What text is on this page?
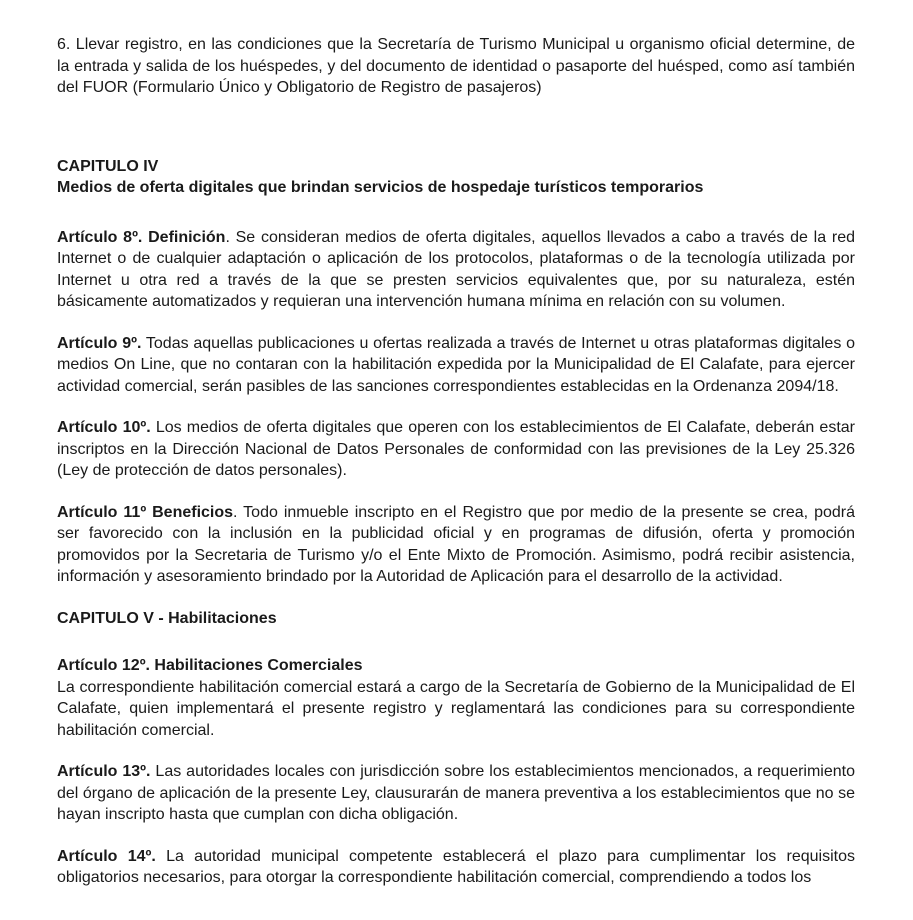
6. Llevar registro, en las condiciones que la Secretaría de Turismo Municipal u organismo oficial determine, de la entrada y salida de los huéspedes, y del documento de identidad o pasaporte del huésped, como así también del FUOR (Formulario Único y Obligatorio de Registro de pasajeros)

CAPITULO IV
Medios de oferta digitales que brindan servicios de hospedaje turísticos temporarios

Artículo 8º. Definición. Se consideran medios de oferta digitales, aquellos llevados a cabo a través de la red Internet o de cualquier adaptación o aplicación de los protocolos, plataformas o de la tecnología utilizada por Internet u otra red a través de la que se presten servicios equivalentes que, por su naturaleza, estén básicamente automatizados y requieran una intervención humana mínima en relación con su volumen.

Artículo 9º. Todas aquellas publicaciones u ofertas realizada a través de Internet u otras plataformas digitales o medios On Line, que no contaran con la habilitación expedida por la Municipalidad de El Calafate, para ejercer actividad comercial, serán pasibles de las sanciones correspondientes establecidas en la Ordenanza 2094/18.

Artículo 10º. Los medios de oferta digitales que operen con los establecimientos de El Calafate, deberán estar inscriptos en la Dirección Nacional de Datos Personales de conformidad con las previsiones de la Ley 25.326 (Ley de protección de datos personales).

Artículo 11º Beneficios. Todo inmueble inscripto en el Registro que por medio de la presente se crea, podrá ser favorecido con la inclusión en la publicidad oficial y en programas de difusión, oferta y promoción promovidos por la Secretaria de Turismo y/o el Ente Mixto de Promoción. Asimismo, podrá recibir asistencia, información y asesoramiento brindado por la Autoridad de Aplicación para el desarrollo de la actividad.

CAPITULO V - Habilitaciones

Artículo 12º. Habilitaciones Comerciales
La correspondiente habilitación comercial estará a cargo de la Secretaría de Gobierno de la Municipalidad de El Calafate, quien implementará el presente registro y reglamentará las condiciones para su correspondiente habilitación comercial.

Artículo 13º. Las autoridades locales con jurisdicción sobre los establecimientos mencionados, a requerimiento del órgano de aplicación de la presente Ley, clausurarán de manera preventiva a los establecimientos que no se hayan inscripto hasta que cumplan con dicha obligación.

Artículo 14º. La autoridad municipal competente establecerá el plazo para cumplimentar los requisitos obligatorios necesarios, para otorgar la correspondiente habilitación comercial, comprendiendo a todos los
